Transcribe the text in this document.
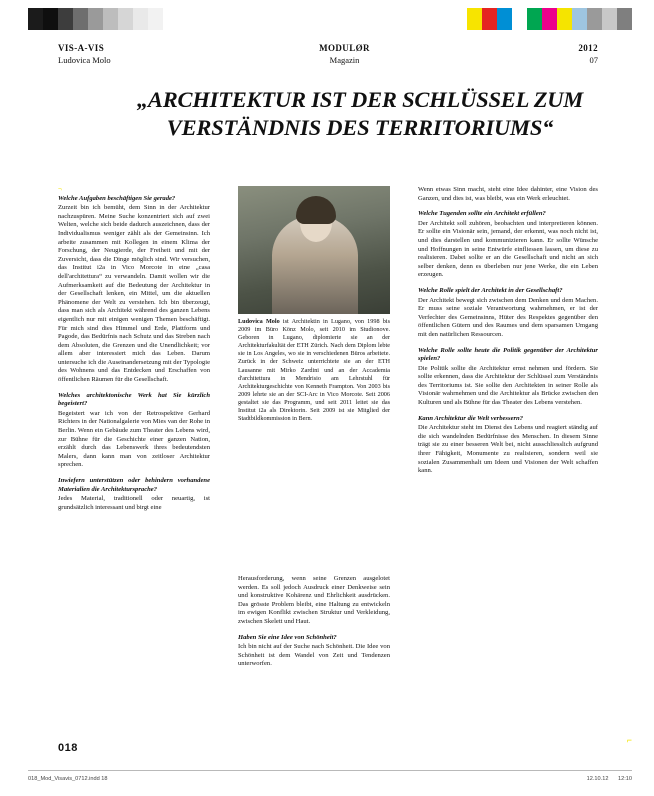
VIS-A-VIS
Ludovica Molo
MODULØR
Magazin
2012
07
„ARCHITEKTUR IST DER SCHLÜSSEL ZUM VERSTÄNDNIS DES TERRITORIUMS“
Ludovica Molo ist Architektin in Lugano, von 1998 bis 2009 im Büro Könz Molo, seit 2010 im Studionove. Geboren in Lugano, diplomierte sie an der Architekturfakultät der ETH Zürich. Nach dem Diplom lebte sie in Los Angeles, wo sie in verschiedenen Büros arbeitete. Zurück in der Schweiz unterrichtete sie an der ETH Lausanne mit Mirko Zardini und an der Accademia d'architettura in Mendrisio am Lehrstuhl für Architekturgeschichte von Kenneth Frampton. Von 2003 bis 2009 lehrte sie an der SCI-Arc in Vico Morcote. Seit 2006 gestaltet sie das Programm, und seit 2011 leitet sie das Institut i2a als Direktorin. Seit 2009 ist sie Mitglied der Stadtbildkommission in Bern.
¬
Welche Aufgaben beschäftigen Sie gerade?

Zurzeit bin ich bemüht, dem Sinn in der Architektur nachzuspüren. Meine Suche konzentriert sich auf zwei Welten, welche sich beide dadurch auszeichnen, dass der Individualismus weniger zählt als der Gemeinsinn. Ich arbeite zusammen mit Kollegen in einem Klima der Forschung, der Neugierde, der Freiheit und mit der Zuversicht, dass die Dinge möglich sind. Wir versuchen, das Institut i2a in Vico Morcote in eine „casa dell'architettura“ zu verwandeln. Damit wollen wir die Aufmerksamkeit auf die Bedeutung der Architektur in der Gesellschaft lenken, ein Mittel, um die aktuellen Phänomene der Welt zu verstehen. Ich bin überzeugt, dass man sich als Architekt während des ganzen Lebens eigentlich nur mit einigen wenigen Themen beschäftigt. Für mich sind dies Himmel und Erde, Plattform und Pagode, das Bedürfnis nach Schutz und das Streben nach dem Absoluten, die Grenzen und die Unendlichkeit; vor allem aber interessiert mich das Leben. Darum untersuche ich die Auseinandersetzung mit der Typologie des Wohnens und das Entdecken und Erschaffen von öffentlichen Räumen für die Gesellschaft.

Welches architektonische Werk hat Sie kürzlich begeistert?

Begeistert war ich von der Retrospektive Gerhard Richters in der Nationalgalerie von Mies van der Rohe in Berlin. Wenn ein Gebäude zum Theater des Lebens wird, zur Bühne für die Geschichte einer ganzen Nation, erzählt durch das Lebenswerk ihres bedeutendsten Malers, dann kann man von zeitloser Architektur sprechen.

Inwiefern unterstützen oder behindern vorhandene Materialien die Architektursprache?

Jedes Material, traditionell oder neuartig, ist grundsätzlich interessant und birgt eine

Herausforderung, wenn seine Grenzen ausgelotet werden. Es soll jedoch Ausdruck einer Denkweise sein und konstruktive Kohärenz und Ehrlichkeit ausdrücken. Das grösste Problem bleibt, eine Haltung zu entwickeln im ewigen Konflikt zwischen Struktur und Verkleidung, zwischen Skelett und Haut.

Haben Sie eine Idee von Schönheit?

Ich bin nicht auf der Suche nach Schönheit. Die Idee von Schönheit ist dem Wandel von Zeit und Tendenzen unterworfen.

Wenn etwas Sinn macht, steht eine Idee dahinter, eine Vision des Ganzen, und dies ist, was bleibt, was ein Werk erleuchtet.

Welche Tugenden sollte ein Architekt erfüllen?

Der Architekt soll zuhören, beobachten und interpretieren können. Er sollte ein Visionär sein, jemand, der erkennt, was noch nicht ist, und dies darstellen und kommunizieren kann. Er sollte Wünsche und Hoffnungen in seine Entwürfe einfliessen lassen, um diese zu realisieren. Dabei sollte er an die Gesellschaft und nicht an sich selber denken, denn es überleben nur jene Werke, die ein Leben erzeugen.

Welche Rolle spielt der Architekt in der Gesellschaft?

Der Architekt bewegt sich zwischen dem Denken und dem Machen. Er muss seine soziale Verantwortung wahrnehmen, er ist der Verfechter des Gemeinsinns, Hüter des Respektes gegenüber den öffentlichen Gütern und des Raumes und dem sparsamen Umgang mit den natürlichen Ressourcen.

Welche Rolle sollte heute die Politik gegenüber der Architektur spielen?

Die Politik sollte die Architektur ernst nehmen und fördern. Sie sollte erkennen, dass die Architektur der Schlüssel zum Verständnis des Territoriums ist. Sie sollte den Architekten in seiner Rolle als Visionär wahrnehmen und die Architektur als Brücke zwischen den Kulturen und als Bühne für das Theater des Lebens verstehen.

Kann Architektur die Welt verbessern?

Die Architektur steht im Dienst des Lebens und reagiert ständig auf die sich wandelnden Bedürfnisse des Menschen. In diesem Sinne trägt sie zu einer besseren Welt bei, nicht ausschliesslich aufgrund ihrer Fähigkeit, Monumente zu realisieren, sondern weil sie sozialen Zusammenhalt um Ideen und Visionen der Welt schaffen kann.

018
⌐
018_Mod_Visavis_0712.indd 18	12.10.12 12:10
